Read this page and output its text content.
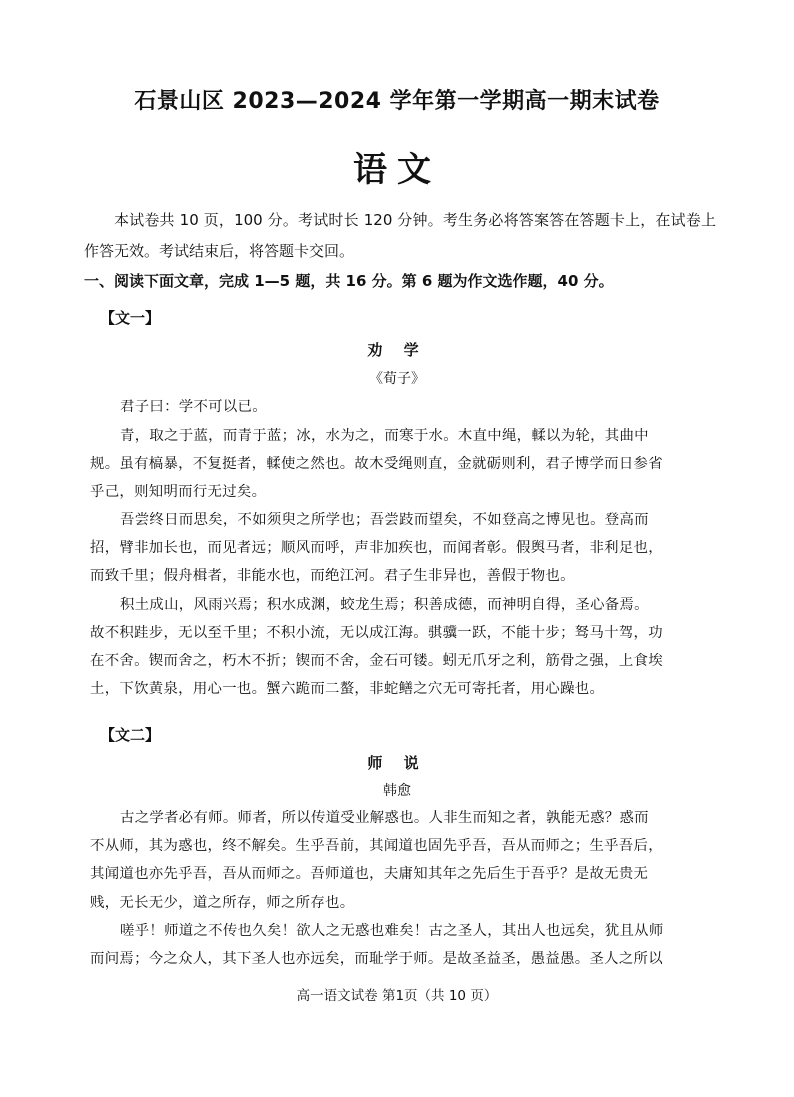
石景山区 2023—2024 学年第一学期高一期末试卷
语文
本试卷共 10 页，100 分。考试时长 120 分钟。考生务必将答案答在答题卡上，在试卷上作答无效。考试结束后，将答题卡交回。
一、阅读下面文章，完成 1—5 题，共 16 分。第 6 题为作文选作题，40 分。
【文一】
劝 学
《荀子》
君子曰：学不可以已。
青，取之于蓝，而青于蓝；冰，水为之，而寒于水。木直中绳，輮以为轮，其曲中
规。虽有槁暴，不复挺者，輮使之然也。故木受绳则直，金就砺则利，君子博学而日参省
乎己，则知明而行无过矣。
吾尝终日而思矣，不如须臾之所学也；吾尝跂而望矣，不如登高之博见也。登高而
招，臂非加长也，而见者远；顺风而呼，声非加疾也，而闻者彰。假舆马者，非利足也，
而致千里；假舟楫者，非能水也，而绝江河。君子生非异也，善假于物也。
积土成山，风雨兴焉；积水成渊，蛟龙生焉；积善成德，而神明自得，圣心备焉。
故不积跬步，无以至千里；不积小流，无以成江海。骐骥一跃，不能十步；驽马十驾，功
在不舍。锲而舍之，朽木不折；锲而不舍，金石可镂。蚓无爪牙之利，筋骨之强，上食埃
土，下饮黄泉，用心一也。蟹六跪而二螯，非蛇鳝之穴无可寄托者，用心躁也。
【文二】
师 说
韩愈
古之学者必有师。师者，所以传道受业解惑也。人非生而知之者，孰能无惑？惑而
不从师，其为惑也，终不解矣。生乎吾前，其闻道也固先乎吾，吾从而师之；生乎吾后，
其闻道也亦先乎吾，吾从而师之。吾师道也，夫庸知其年之先后生于吾乎？是故无贵无
贱，无长无少，道之所存，师之所存也。
嗟乎！师道之不传也久矣！欲人之无惑也难矣！古之圣人，其出人也远矣，犹且从师
而问焉；今之众人，其下圣人也亦远矣，而耻学于师。是故圣益圣，愚益愚。圣人之所以
高一语文试卷 第1页（共 10 页）
